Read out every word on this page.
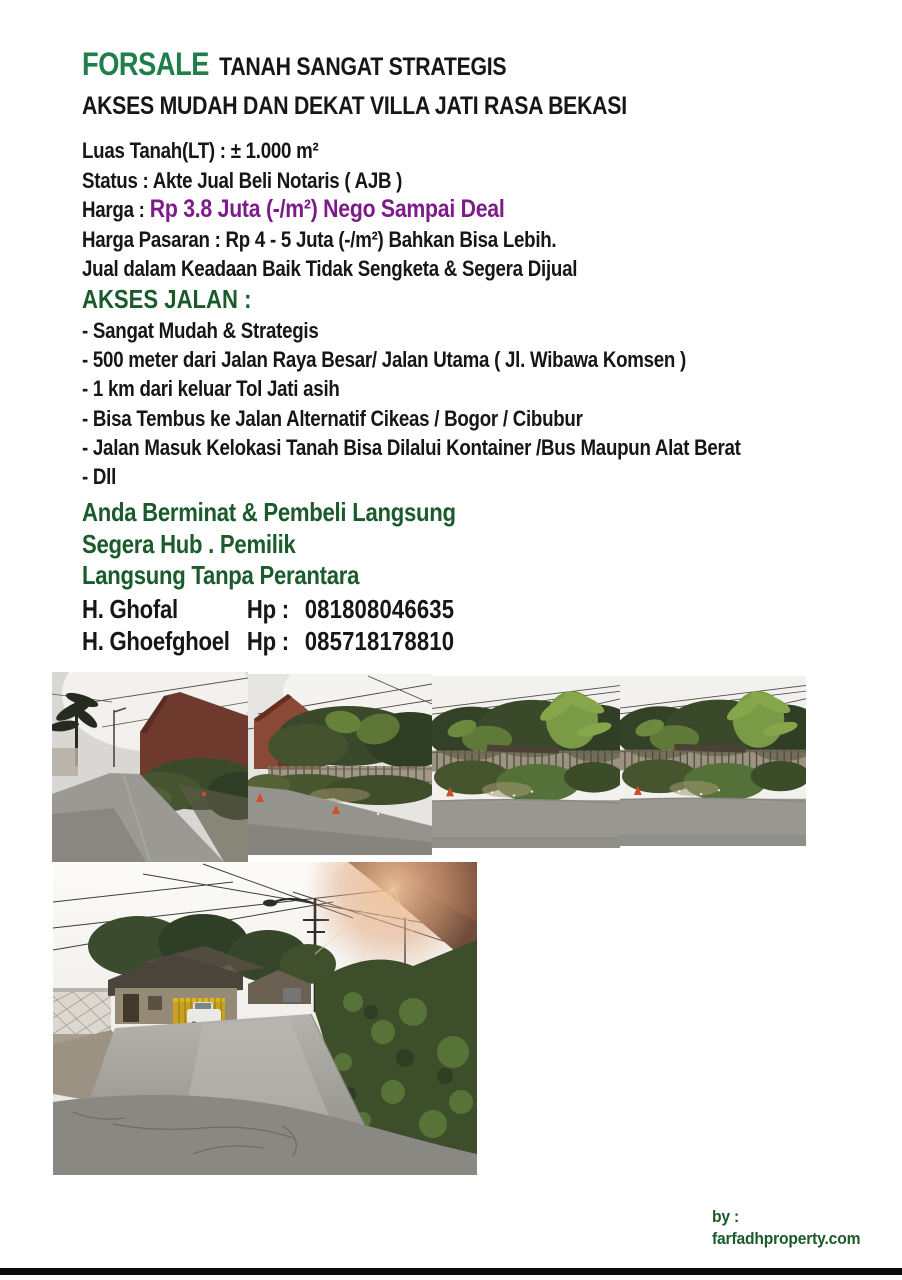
FORSALE TANAH SANGAT STRATEGIS
AKSES MUDAH DAN DEKAT VILLA JATI RASA BEKASI
Luas Tanah(LT) : ± 1.000 m²
Status : Akte Jual Beli Notaris ( AJB )
Harga : Rp 3.8 Juta (-/m²) Nego Sampai Deal
Harga Pasaran : Rp 4 - 5 Juta (-/m²) Bahkan Bisa Lebih.
Jual dalam Keadaan Baik Tidak Sengketa & Segera Dijual
AKSES JALAN :
- Sangat Mudah & Strategis
- 500 meter dari Jalan Raya Besar/ Jalan Utama ( Jl. Wibawa Komsen )
- 1 km dari keluar Tol Jati asih
- Bisa Tembus ke Jalan Alternatif Cikeas / Bogor / Cibubur
- Jalan Masuk Kelokasi Tanah Bisa Dilalui Kontainer /Bus Maupun Alat Berat
- Dll
Anda Berminat & Pembeli Langsung
Segera Hub . Pemilik
Langsung Tanpa Perantara
H. Ghofal	Hp : 081808046635
H. Ghoefghoel Hp : 085718178810
by :
farfadhproperty.com
